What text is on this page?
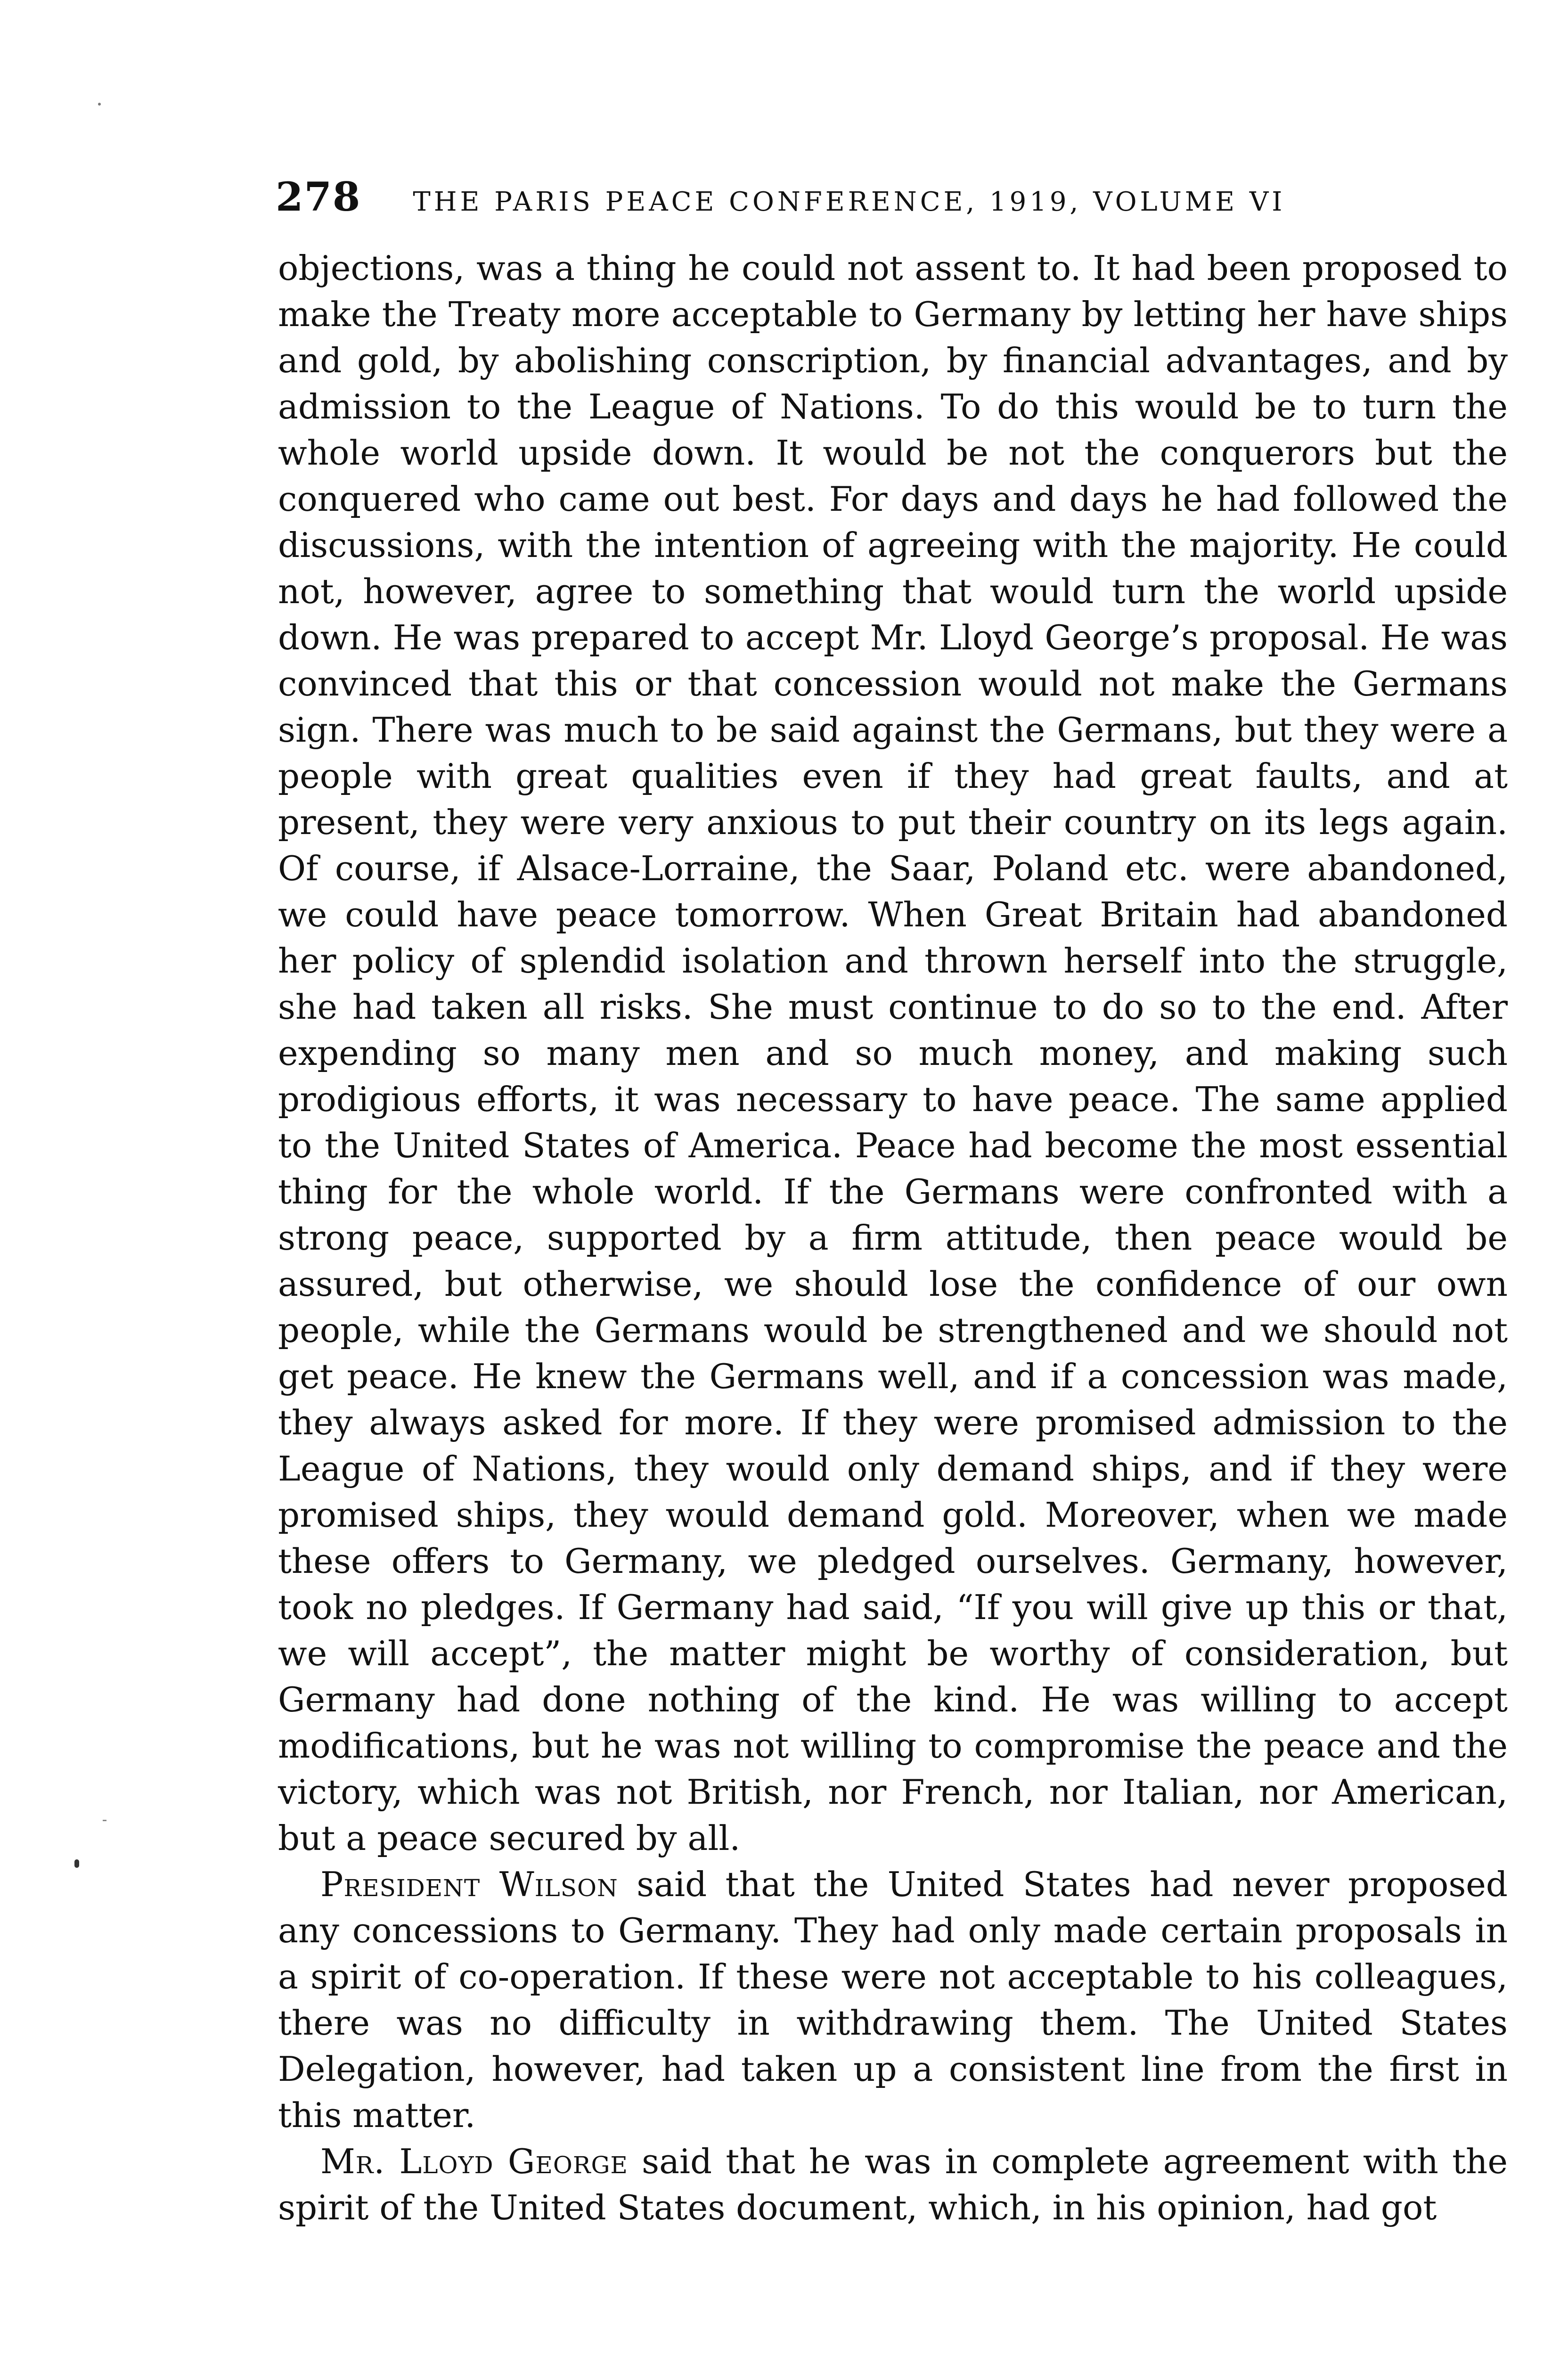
278 THE PARIS PEACE CONFERENCE, 1919, VOLUME VI

objections, was a thing he could not assent to. It had been proposed to make the Treaty more acceptable to Germany by letting her have ships and gold, by abolishing conscription, by financial advantages, and by admission to the League of Nations. To do this would be to turn the whole world upside down. It would be not the conquerors but the conquered who came out best. For days and days he had followed the discussions, with the intention of agreeing with the majority. He could not, however, agree to something that would turn the world upside down. He was prepared to accept Mr. Lloyd George’s proposal. He was convinced that this or that concession would not make the Germans sign. There was much to be said against the Germans, but they were a people with great qualities even if they had great faults, and at present, they were very anxious to put their country on its legs again. Of course, if Alsace-Lorraine, the Saar, Poland etc. were abandoned, we could have peace tomorrow. When Great Britain had abandoned her policy of splendid isolation and thrown herself into the struggle, she had taken all risks. She must continue to do so to the end. After expending so many men and so much money, and making such prodigious efforts, it was necessary to have peace. The same applied to the United States of America. Peace had become the most essential thing for the whole world. If the Germans were confronted with a strong peace, supported by a firm attitude, then peace would be assured, but otherwise, we should lose the confidence of our own people, while the Germans would be strengthened and we should not get peace. He knew the Germans well, and if a concession was made, they always asked for more. If they were promised admission to the League of Nations, they would only demand ships, and if they were promised ships, they would demand gold. Moreover, when we made these offers to Germany, we pledged ourselves. Germany, however, took no pledges. If Germany had said, “If you will give up this or that, we will accept”, the matter might be worthy of consideration, but Germany had done nothing of the kind. He was willing to accept modifications, but he was not willing to compromise the peace and the victory, which was not British, nor French, nor Italian, nor American, but a peace secured by all.

President Wilson said that the United States had never proposed any concessions to Germany. They had only made certain proposals in a spirit of co-operation. If these were not acceptable to his colleagues, there was no difficulty in withdrawing them. The United States Delegation, however, had taken up a consistent line from the first in this matter.

Mr. Lloyd George said that he was in complete agreement with the spirit of the United States document, which, in his opinion, had got
